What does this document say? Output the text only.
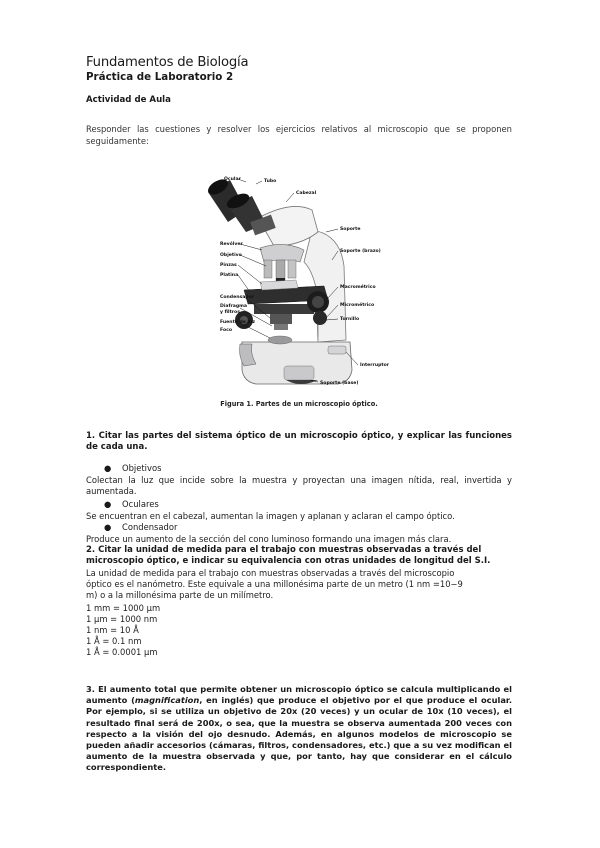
Fundamentos de Biología
Práctica de Laboratorio 2
Actividad de Aula
Responder las cuestiones y resolver los ejercicios relativos al microscopio que se proponen seguidamente:
Ocular	Tubo
Cabezal
Soporte
Revólver
Objetivo
Pinzas
Platina
Soporte (brazo)
Macrométrico
Condensador
Diafragma
y filtros
Micrométrico
Fuente de luz
Foco
Tornillo
Interruptor
Soporte (base)
Figura 1. Partes de un microscopio óptico.
1. Citar las partes del sistema óptico de un microscopio óptico, y explicar las funciones de cada una.
● Objetivos
Colectan la luz que incide sobre la muestra y proyectan una imagen nítida, real, invertida y aumentada.
● Oculares
Se encuentran en el cabezal, aumentan la imagen y aplanan y aclaran el campo óptico.
● Condensador
Produce un aumento de la sección del cono luminoso formando una imagen más clara.
2. Citar la unidad de medida para el trabajo con muestras observadas a través del microscopio óptico, e indicar su equivalencia con otras unidades de longitud del S.I.
La unidad de medida para el trabajo con muestras observadas a través del microscopio
óptico es el nanómetro. Este equivale a una millonésima parte de un metro (1 nm =10−9
m) o a la millonésima parte de un milímetro.
1 mm = 1000 µm
1 µm = 1000 nm
1 nm = 10 Å
1 Å = 0.1 nm
1 Å = 0.0001 µm
3. El aumento total que permite obtener un microscopio óptico se calcula multiplicando el aumento (magnification, en inglés) que produce el objetivo por el que produce el ocular. Por ejemplo, si se utiliza un objetivo de 20x (20 veces) y un ocular de 10x (10 veces), el resultado final será de 200x, o sea, que la muestra se observa aumentada 200 veces con respecto a la visión del ojo desnudo. Además, en algunos modelos de microscopio se pueden añadir accesorios (cámaras, filtros, condensadores, etc.) que a su vez modifican el aumento de la muestra observada y que, por tanto, hay que considerar en el cálculo correspondiente.
